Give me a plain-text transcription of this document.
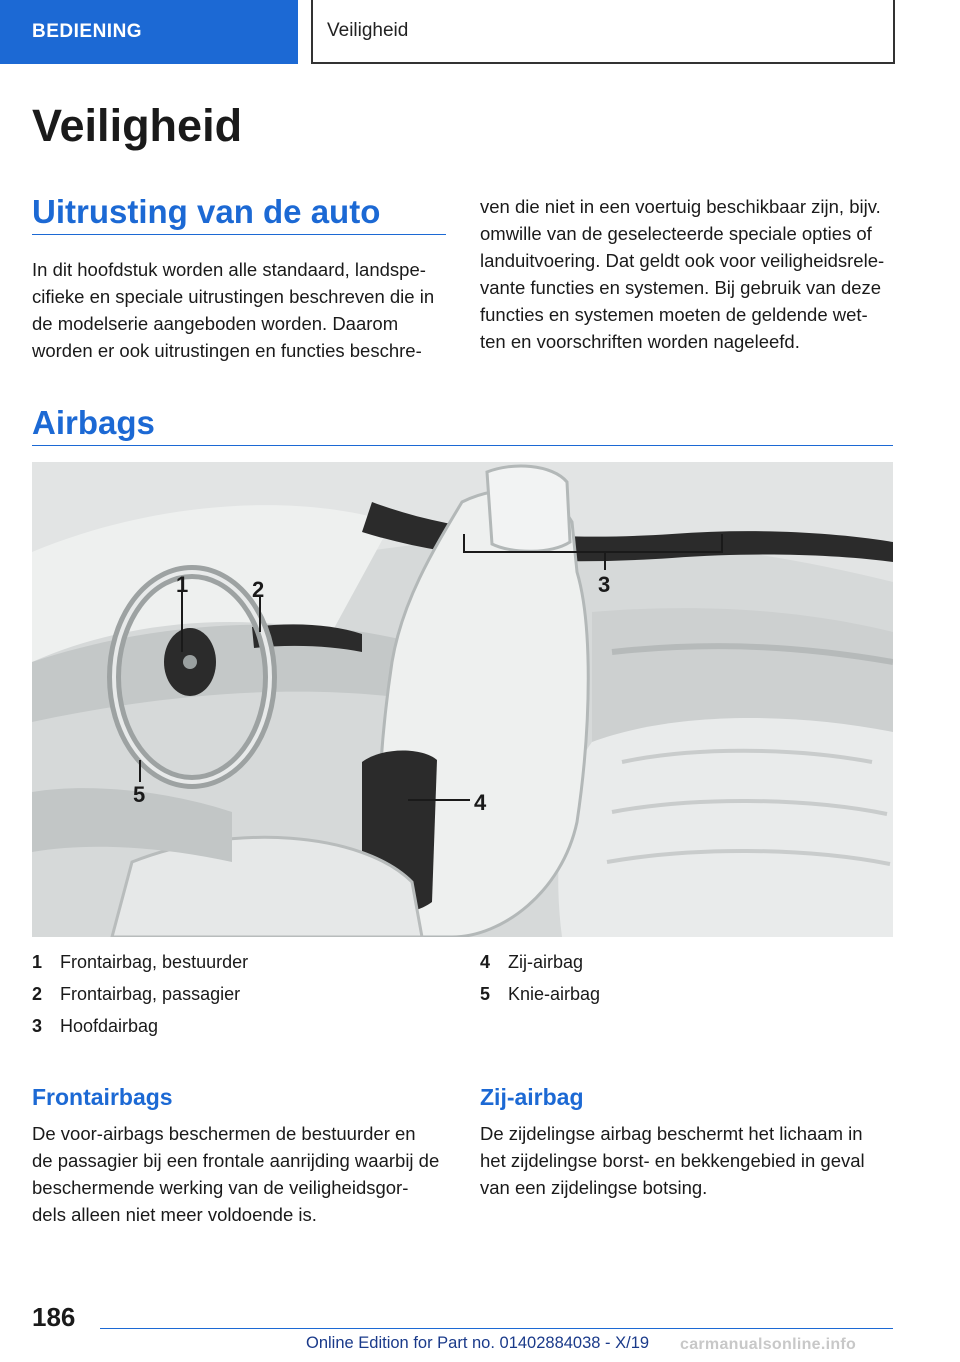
BEDIENING	Veiligheid
Veiligheid
Uitrusting van de auto
In dit hoofdstuk worden alle standaard, landspe-
cifieke en speciale uitrustingen beschreven die in
de modelserie aangeboden worden. Daarom
worden er ook uitrustingen en functies beschre-
ven die niet in een voertuig beschikbaar zijn, bijv.
omwille van de geselecteerde speciale opties of
landuitvoering. Dat geldt ook voor veiligheidsrele-
vante functies en systemen. Bij gebruik van deze
functies en systemen moeten de geldende wet-
ten en voorschriften worden nageleefd.
Airbags
1	2	3
4
5
1 Frontairbag, bestuurder
2 Frontairbag, passagier
3 Hoofdairbag
4 Zij-airbag
5 Knie-airbag
Frontairbags
De voor-airbags beschermen de bestuurder en
de passagier bij een frontale aanrijding waarbij de
beschermende werking van de veiligheidsgor-
dels alleen niet meer voldoende is.
Zij-airbag
De zijdelingse airbag beschermt het lichaam in
het zijdelingse borst- en bekkengebied in geval
van een zijdelingse botsing.
186
Online Edition for Part no. 01402884038 - X/19 carmanualsonline.info
